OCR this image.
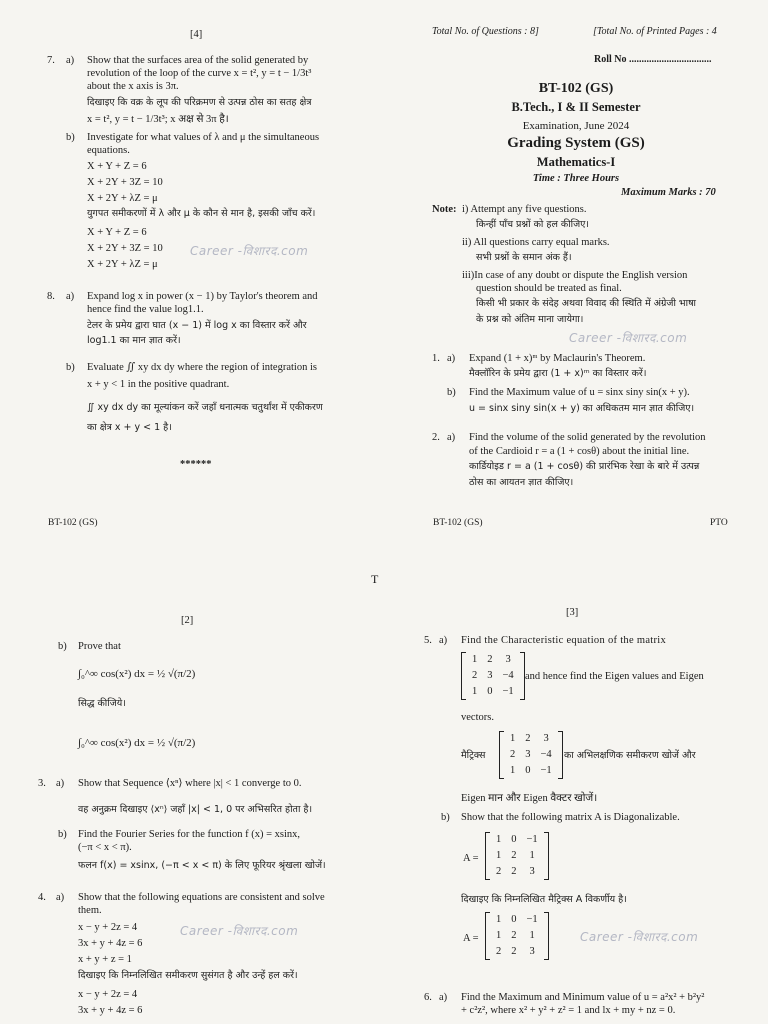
[4]
7. a) Show that the surfaces area of the solid generated by
revolution of the loop of the curve x = t², y = t − 1/3t³
about the x axis is 3π.
दिखाइए कि वक्र के लूप की परिक्रमण से उत्पन्न ठोस का सतह क्षेत्र
x = t², y = t − 1/3t³; x अक्ष से 3π है।
b) Investigate for what values of λ and μ the simultaneous
equations.
X + Y + Z = 6
X + 2Y + 3Z = 10
X + 2Y + λZ = μ
युगपत समीकरणों में λ और μ के कौन से मान है, इसकी जाँच करें।
X + Y + Z = 6
X + 2Y + 3Z = 10
X + 2Y + λZ = μ
Career -विशारद.com
8. a) Expand log x in power (x − 1) by Taylor's theorem and
hence find the value log1.1.
टेलर के प्रमेय द्वारा घात (x − 1) में log x का विस्तार करें और
log1.1 का मान ज्ञात करें।
b) Evaluate ∬ xy dx dy where the region of integration is
x + y < 1 in the positive quadrant.
∬ xy dx dy का मूल्यांकन करें जहाँ धनात्मक चतुर्थांश में एकीकरण
का क्षेत्र x + y < 1 है।
******
BT-102 (GS)
Total No. of Questions : 8]	[Total No. of Printed Pages : 4
Roll No .................................
BT-102 (GS)
B.Tech., I & II Semester
Examination, June 2024
Grading System (GS)
Mathematics-I
Time : Three Hours
Maximum Marks : 70
Note: i) Attempt any five questions.
किन्हीं पाँच प्रश्नों को हल कीजिए।
ii) All questions carry equal marks.
सभी प्रश्नों के समान अंक हैं।
iii)In case of any doubt or dispute the English version
question should be treated as final.
किसी भी प्रकार के संदेह अथवा विवाद की स्थिति में अंग्रेजी भाषा
के प्रश्न को अंतिम माना जायेगा।
Career -विशारद.com
1. a) Expand (1 + x)ᵐ by Maclaurin's Theorem.
मैक्लॉरिन के प्रमेय द्वारा (1 + x)ᵐ का विस्तार करें।
b) Find the Maximum value of u = sinx siny sin(x + y).
u = sinx siny sin(x + y) का अधिकतम मान ज्ञात कीजिए।
2. a) Find the volume of the solid generated by the revolution
of the Cardioid r = a (1 + cosθ) about the initial line.
कार्डियोइड r = a (1 + cosθ) की प्रारंभिक रेखा के बारे में उत्पन्न
ठोस का आयतन ज्ञात कीजिए।
BT-102 (GS)	PTO
T
[2]
b) Prove that
∫₀^∞ cos(x²) dx = ½ √(π/2)
सिद्ध कीजिये।
∫₀^∞ cos(x²) dx = ½ √(π/2)
3. a) Show that Sequence ⟨xⁿ⟩ where |x| < 1 converge to 0.
वह अनुक्रम दिखाइए ⟨xⁿ⟩ जहाँ |x| < 1, 0 पर अभिसरित होता है।
b) Find the Fourier Series for the function f (x) = xsinx,
(−π < x < π).
फलन f(x) = xsinx, (−π < x < π) के लिए फूरियर श्रृंखला खोजें।
4. a) Show that the following equations are consistent and solve
them.
x − y + 2z = 4
3x + y + 4z = 6
x + y + z = 1
Career -विशारद.com
दिखाइए कि निम्नलिखित समीकरण सुसंगत है और उन्हें हल करें।
x − y + 2z = 4
3x + y + 4z = 6
[3]
5. a) Find the Characteristic equation of the matrix
1	2	3
2	3	−4
1	0	−1
and hence find the Eigen values and Eigen
vectors.
मैट्रिक्स
1	2	3
2	3	−4
1	0	−1
का अभिलक्षणिक समीकरण खोजें और
Eigen मान और Eigen वैक्टर खोजें।
b) Show that the following matrix A is Diagonalizable.
A =
1	0	−1
1	2	1
2	2	3
दिखाइए कि निम्नलिखित मैट्रिक्स A विकर्णीय है।
A =
1	0	−1
1	2	1
2	2	3
Career -विशारद.com
6. a) Find the Maximum and Minimum value of u = a²x² + b²y²
+ c²z², where x² + y² + z² = 1 and lx + my + nz = 0.
